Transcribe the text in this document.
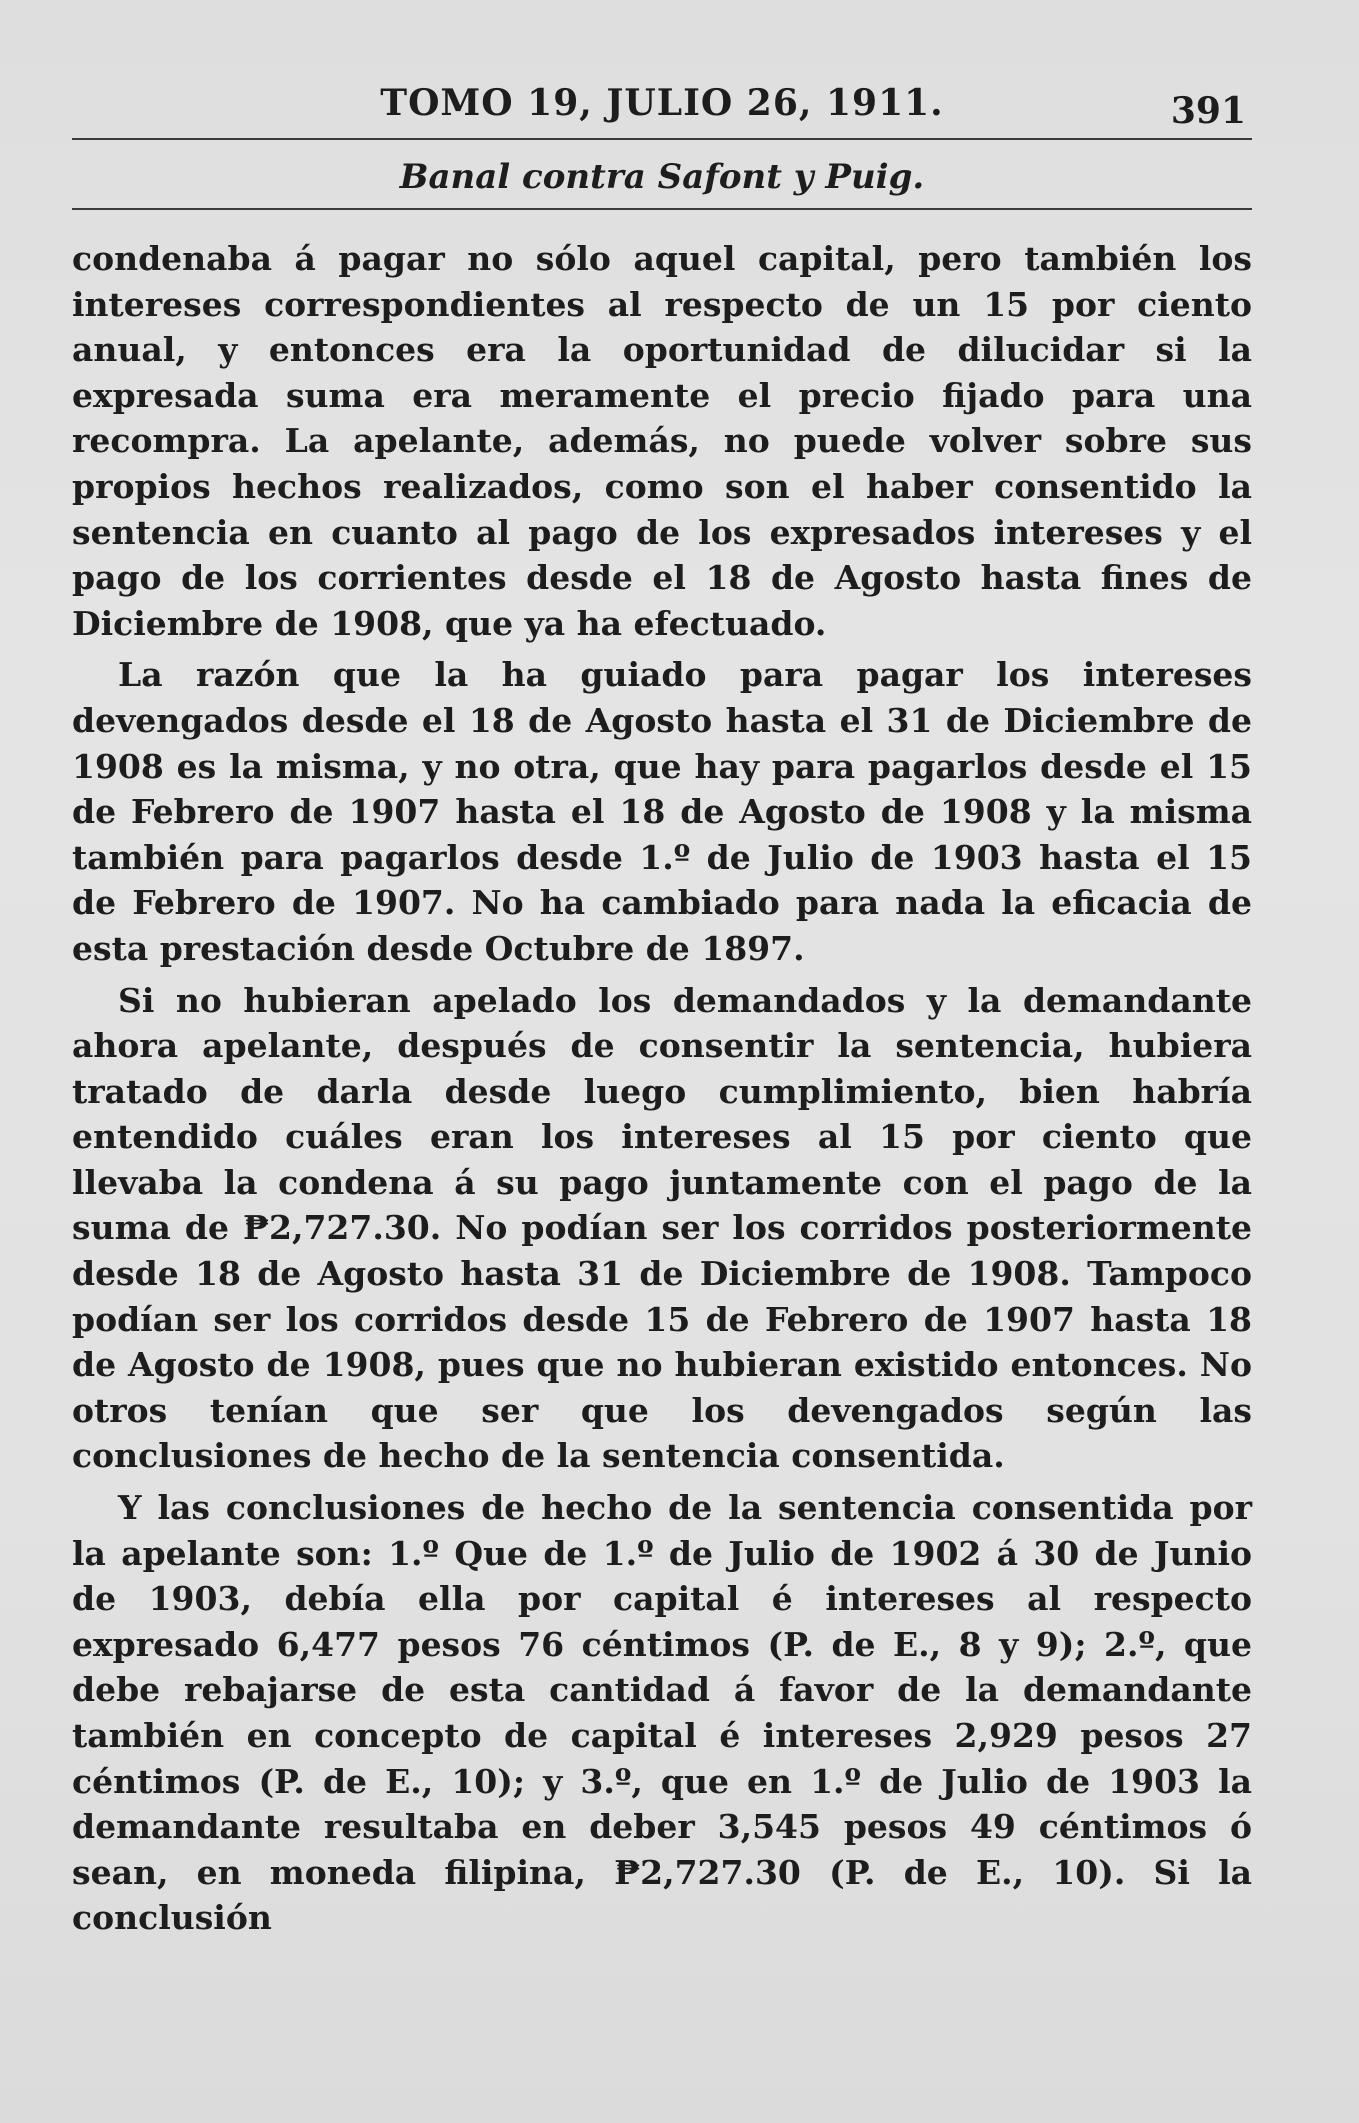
TOMO 19, JULIO 26, 1911.	391
Banal contra Safont y Puig.

condenaba á pagar no sólo aquel capital, pero también los intereses correspondientes al respecto de un 15 por ciento anual, y entonces era la oportunidad de dilucidar si la expresada suma era meramente el precio fijado para una recompra. La apelante, además, no puede volver sobre sus propios hechos realizados, como son el haber consentido la sentencia en cuanto al pago de los expresados intereses y el pago de los corrientes desde el 18 de Agosto hasta fines de Diciembre de 1908, que ya ha efectuado.

La razón que la ha guiado para pagar los intereses devengados desde el 18 de Agosto hasta el 31 de Diciembre de 1908 es la misma, y no otra, que hay para pagarlos desde el 15 de Febrero de 1907 hasta el 18 de Agosto de 1908 y la misma también para pagarlos desde 1.º de Julio de 1903 hasta el 15 de Febrero de 1907. No ha cambiado para nada la eficacia de esta prestación desde Octubre de 1897.

Si no hubieran apelado los demandados y la demandante ahora apelante, después de consentir la sentencia, hubiera tratado de darla desde luego cumplimiento, bien habría entendido cuáles eran los intereses al 15 por ciento que llevaba la condena á su pago juntamente con el pago de la suma de ₱2,727.30. No podían ser los corridos posteriormente desde 18 de Agosto hasta 31 de Diciembre de 1908. Tampoco podían ser los corridos desde 15 de Febrero de 1907 hasta 18 de Agosto de 1908, pues que no hubieran existido entonces. No otros tenían que ser que los devengados según las conclusiones de hecho de la sentencia consentida.

Y las conclusiones de hecho de la sentencia consentida por la apelante son: 1.º Que de 1.º de Julio de 1902 á 30 de Junio de 1903, debía ella por capital é intereses al respecto expresado 6,477 pesos 76 céntimos (P. de E., 8 y 9); 2.º, que debe rebajarse de esta cantidad á favor de la demandante también en concepto de capital é intereses 2,929 pesos 27 céntimos (P. de E., 10); y 3.º, que en 1.º de Julio de 1903 la demandante resultaba en deber 3,545 pesos 49 céntimos ó sean, en moneda filipina, ₱2,727.30 (P. de E., 10). Si la conclusión
